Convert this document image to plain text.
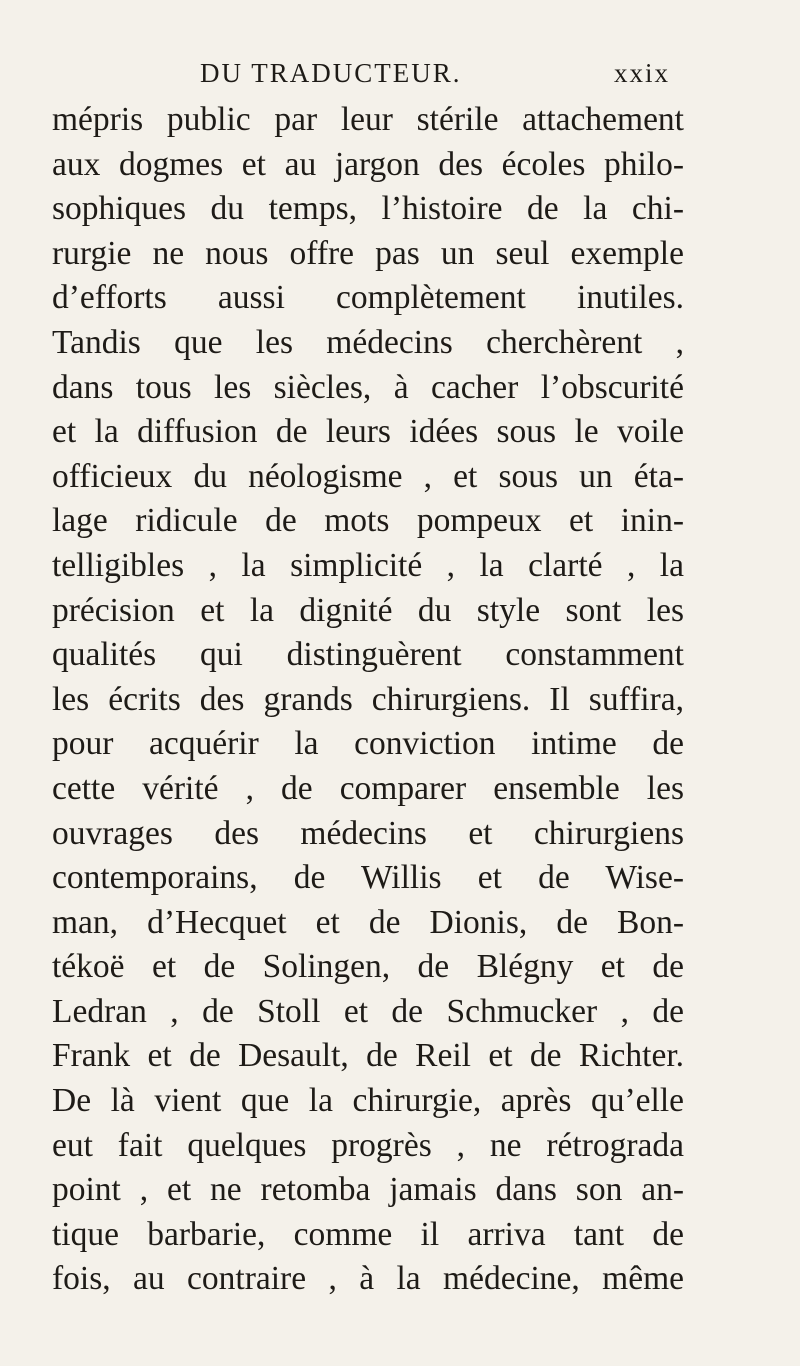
DU TRADUCTEUR.	xxix
mépris public par leur stérile attachement
aux dogmes et au jargon des écoles philo-
sophiques du temps, l’histoire de la chi-
rurgie ne nous offre pas un seul exemple
d’efforts aussi complètement inutiles.
Tandis que les médecins cherchèrent ,
dans tous les siècles, à cacher l’obscurité
et la diffusion de leurs idées sous le voile
officieux du néologisme , et sous un éta-
lage ridicule de mots pompeux et inin-
telligibles , la simplicité , la clarté , la
précision et la dignité du style sont les
qualités qui distinguèrent constamment
les écrits des grands chirurgiens. Il suffira,
pour acquérir la conviction intime de
cette vérité , de comparer ensemble les
ouvrages des médecins et chirurgiens
contemporains, de Willis et de Wise-
man, d’Hecquet et de Dionis, de Bon-
tékoë et de Solingen, de Blégny et de
Ledran , de Stoll et de Schmucker , de
Frank et de Desault, de Reil et de Richter.
De là vient que la chirurgie, après qu’elle
eut fait quelques progrès , ne rétrograda
point , et ne retomba jamais dans son an-
tique barbarie, comme il arriva tant de
fois, au contraire , à la médecine, même
